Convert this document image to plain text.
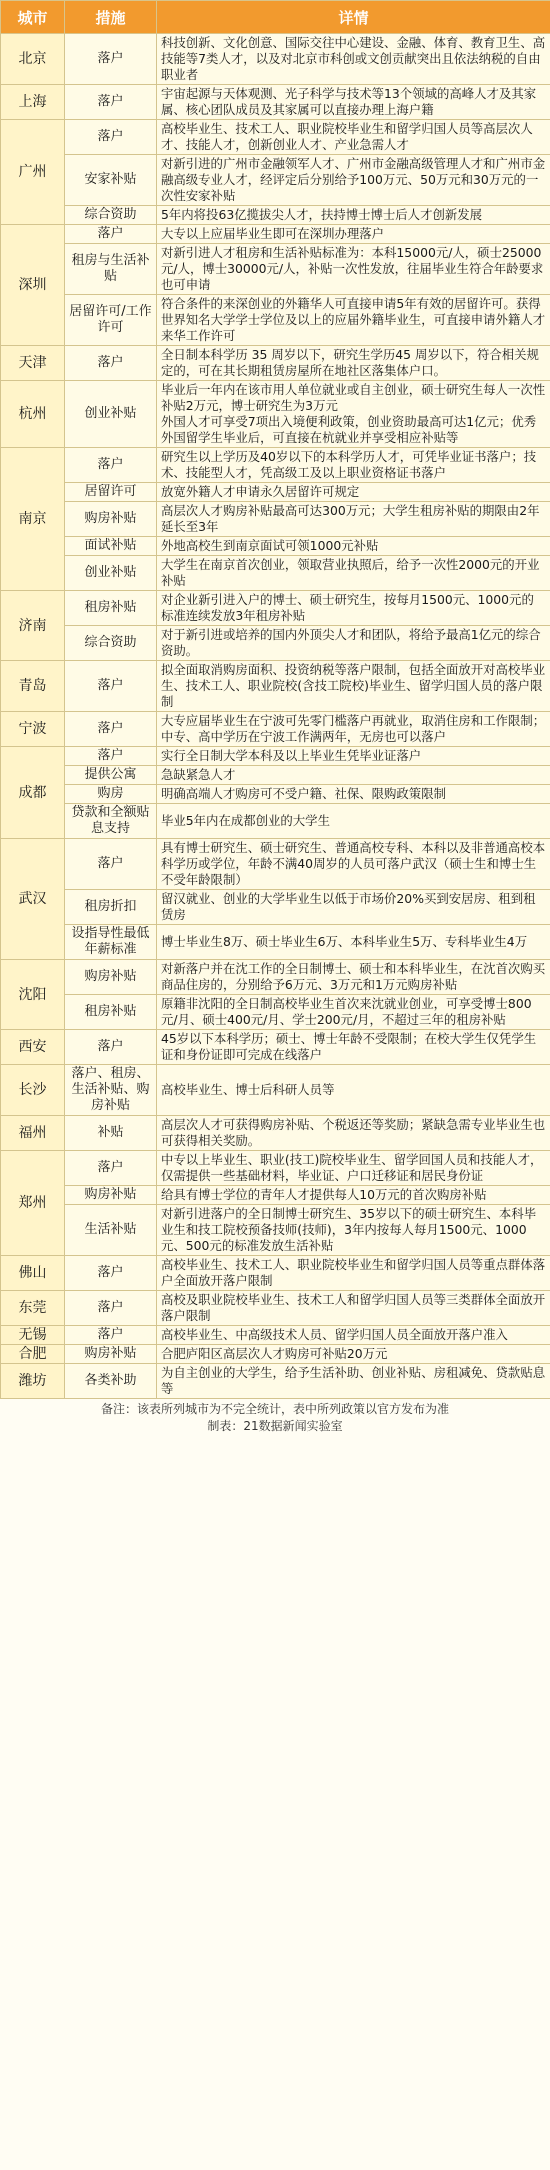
城市	措施	详情
北京	落户	科技创新、文化创意、国际交往中心建设、金融、体育、教育卫生、高技能等7类人才，以及对北京市科创或文创贡献突出且依法纳税的自由职业者
上海	落户	宇宙起源与天体观测、光子科学与技术等13个领域的高峰人才及其家属、核心团队成员及其家属可以直接办理上海户籍
广州	落户	高校毕业生、技术工人、职业院校毕业生和留学归国人员等高层次人才、技能人才，创新创业人才、产业急需人才
	安家补贴	对新引进的广州市金融领军人才、广州市金融高级管理人才和广州市金融高级专业人才，经评定后分别给予100万元、50万元和30万元的一次性安家补贴
	综合资助	5年内将投63亿揽拔尖人才，扶持博士博士后人才创新发展
深圳	落户	大专以上应届毕业生即可在深圳办理落户
	租房与生活补贴	对新引进人才租房和生活补贴标准为：本科15000元/人，硕士25000元/人，博士30000元/人，补贴一次性发放，往届毕业生符合年龄要求也可申请
	居留许可/工作许可	符合条件的来深创业的外籍华人可直接申请5年有效的居留许可。获得世界知名大学学士学位及以上的应届外籍毕业生，可直接申请外籍人才来华工作许可
天津	落户	全日制本科学历 35 周岁以下，研究生学历45 周岁以下，符合相关规定的，可在其长期租赁房屋所在地社区落集体户口。
杭州	创业补贴	毕业后一年内在该市用人单位就业或自主创业，硕士研究生每人一次性补贴2万元，博士研究生为3万元
外国人才可享受7项出入境便利政策，创业资助最高可达1亿元；优秀外国留学生毕业后，可直接在杭就业并享受相应补贴等
南京	落户	研究生以上学历及40岁以下的本科学历人才，可凭毕业证书落户；技术、技能型人才，凭高级工及以上职业资格证书落户
	居留许可	放宽外籍人才申请永久居留许可规定
	购房补贴	高层次人才购房补贴最高可达300万元；大学生租房补贴的期限由2年延长至3年
	面试补贴	外地高校生到南京面试可领1000元补贴
	创业补贴	大学生在南京首次创业，领取营业执照后，给予一次性2000元的开业补贴
济南	租房补贴	对企业新引进入户的博士、硕士研究生，按每月1500元、1000元的标准连续发放3年租房补贴
	综合资助	对于新引进或培养的国内外顶尖人才和团队，将给予最高1亿元的综合资助。
青岛	落户	拟全面取消购房面积、投资纳税等落户限制，包括全面放开对高校毕业生、技术工人、职业院校(含技工院校)毕业生、留学归国人员的落户限制
宁波	落户	大专应届毕业生在宁波可先零门槛落户再就业，取消住房和工作限制；中专、高中学历在宁波工作满两年，无房也可以落户
成都	落户	实行全日制大学本科及以上毕业生凭毕业证落户
	提供公寓	急缺紧急人才
	购房	明确高端人才购房可不受户籍、社保、限购政策限制
	贷款和全额贴息支持	毕业5年内在成都创业的大学生
武汉	落户	具有博士研究生、硕士研究生、普通高校专科、本科以及非普通高校本科学历或学位，年龄不满40周岁的人员可落户武汉（硕士生和博士生不受年龄限制）
	租房折扣	留汉就业、创业的大学毕业生以低于市场价20%买到安居房、租到租赁房
	设指导性最低年薪标准	博士毕业生8万、硕士毕业生6万、本科毕业生5万、专科毕业生4万
沈阳	购房补贴	对新落户并在沈工作的全日制博士、硕士和本科毕业生，在沈首次购买商品住房的，分别给予6万元、3万元和1万元购房补贴
	租房补贴	原籍非沈阳的全日制高校毕业生首次来沈就业创业，可享受博士800元/月、硕士400元/月、学士200元/月，不超过三年的租房补贴
西安	落户	45岁以下本科学历；硕士、博士年龄不受限制；在校大学生仅凭学生证和身份证即可完成在线落户
长沙	落户、租房、生活补贴、购房补贴	高校毕业生、博士后科研人员等
福州	补贴	高层次人才可获得购房补贴、个税返还等奖励；紧缺急需专业毕业生也可获得相关奖励。
郑州	落户	中专以上毕业生、职业(技工)院校毕业生、留学回国人员和技能人才，仅需提供一些基础材料，毕业证、户口迁移证和居民身份证
	购房补贴	给具有博士学位的青年人才提供每人10万元的首次购房补贴
	生活补贴	对新引进落户的全日制博士研究生、35岁以下的硕士研究生、本科毕业生和技工院校预备技师(技师)，3年内按每人每月1500元、1000元、500元的标准发放生活补贴
佛山	落户	高校毕业生、技术工人、职业院校毕业生和留学归国人员等重点群体落户全面放开落户限制
东莞	落户	高校及职业院校毕业生、技术工人和留学归国人员等三类群体全面放开落户限制
无锡	落户	高校毕业生、中高级技术人员、留学归国人员全面放开落户准入
合肥	购房补贴	合肥庐阳区高层次人才购房可补贴20万元
潍坊	各类补助	为自主创业的大学生，给予生活补助、创业补贴、房租减免、贷款贴息等
备注：该表所列城市为不完全统计，表中所列政策以官方发布为准
制表：21数据新闻实验室
